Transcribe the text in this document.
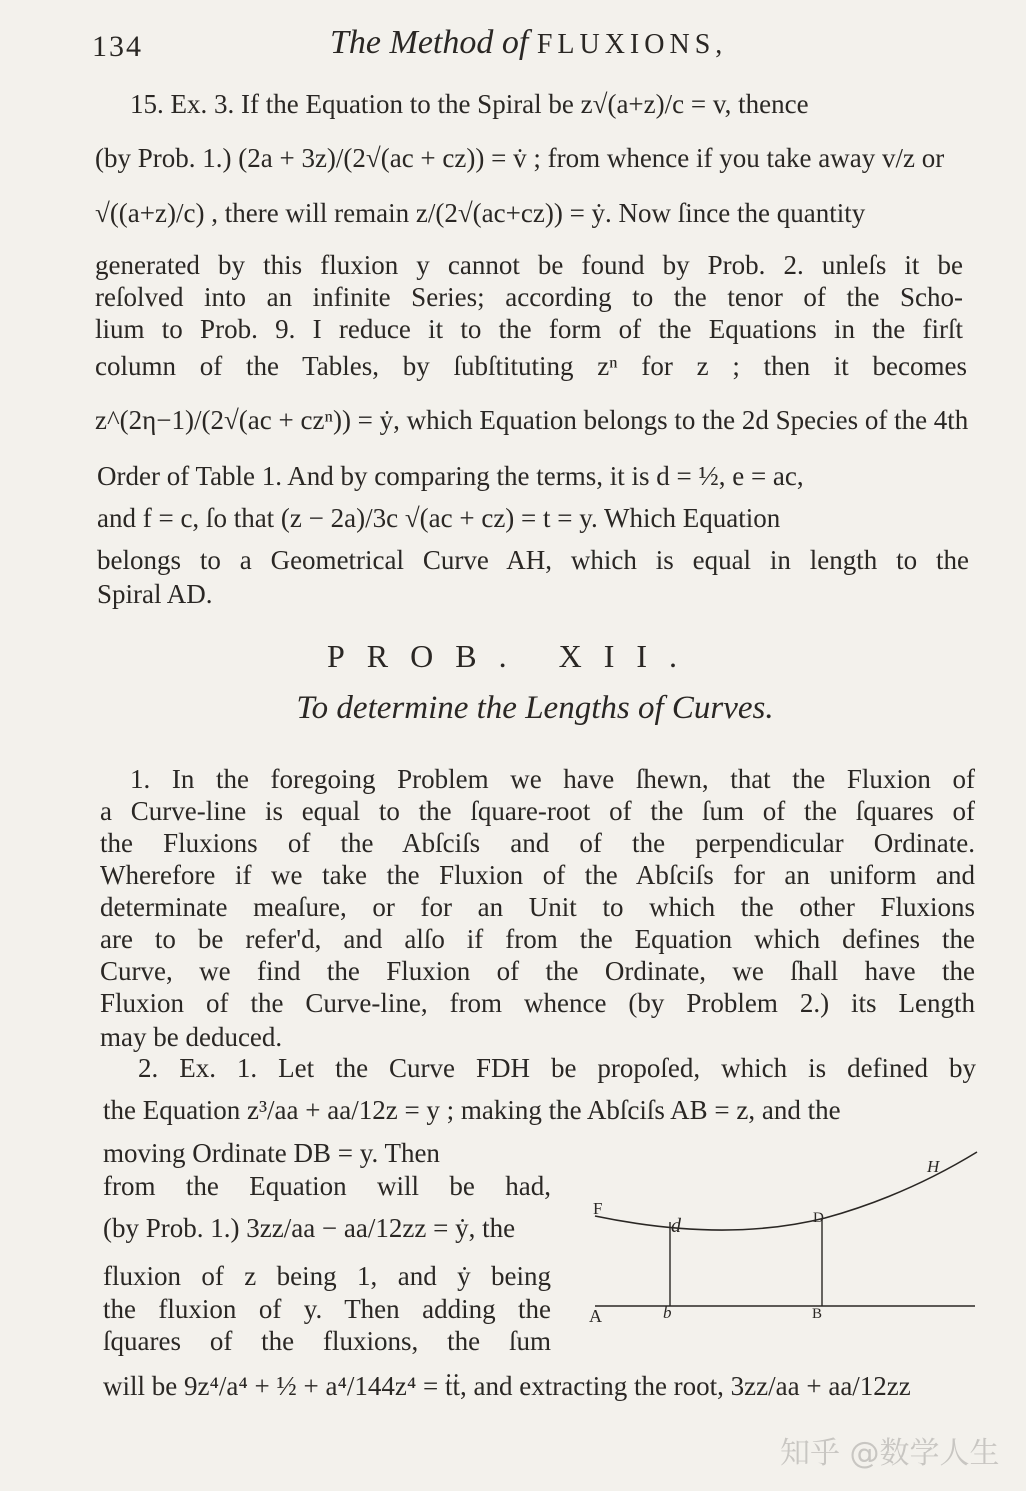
134	The Method of FLUXIONS,
15. Ex. 3. If the Equation to the Spiral be z√(a+z)/c = v, thence
(by Prob. 1.) (2a + 3z)/(2√(ac + cz)) = v̇ ; from whence if you take away v/z or
√((a+z)/c) , there will remain z/(2√(ac+cz)) = ẏ. Now ſince the quantity
generated by this fluxion y cannot be found by Prob. 2. unleſs it be
reſolved into an infinite Series; according to the tenor of the Scho-
lium to Prob. 9. I reduce it to the form of the Equations in the firſt
column of the Tables, by ſubſtituting zⁿ for z ; then it becomes
z^(2η−1)/(2√(ac + czⁿ)) = ẏ, which Equation belongs to the 2d Species of the 4th
Order of Table 1. And by comparing the terms, it is d = ½, e = ac,
and f = c, ſo that (z − 2a)/3c √(ac + cz) = t = y. Which Equation
belongs to a Geometrical Curve AH, which is equal in length to the
Spiral AD.
PROB. XII.
To determine the Lengths of Curves.
1. In the foregoing Problem we have ſhewn, that the Fluxion of
a Curve-line is equal to the ſquare-root of the ſum of the ſquares of
the Fluxions of the Abſciſs and of the perpendicular Ordinate.
Wherefore if we take the Fluxion of the Abſciſs for an uniform and
determinate meaſure, or for an Unit to which the other Fluxions
are to be refer'd, and alſo if from the Equation which defines the
Curve, we find the Fluxion of the Ordinate, we ſhall have the
Fluxion of the Curve-line, from whence (by Problem 2.) its Length
may be deduced.
2. Ex. 1. Let the Curve FDH be propoſed, which is defined by
the Equation z³/aa + aa/12z = y ; making the Abſciſs AB = z, and the
moving Ordinate DB = y. Then
from the Equation will be had,
(by Prob. 1.) 3zz/aa − aa/12zz = ẏ, the
fluxion of z being 1, and ẏ being
the fluxion of y. Then adding the
ſquares of the fluxions, the ſum
will be 9z⁴/a⁴ + ½ + a⁴/144z⁴ = ṫṫ, and extracting the root, 3zz/aa + aa/12zz
H
F
d	D
A	b	B
知乎 @数学人生
